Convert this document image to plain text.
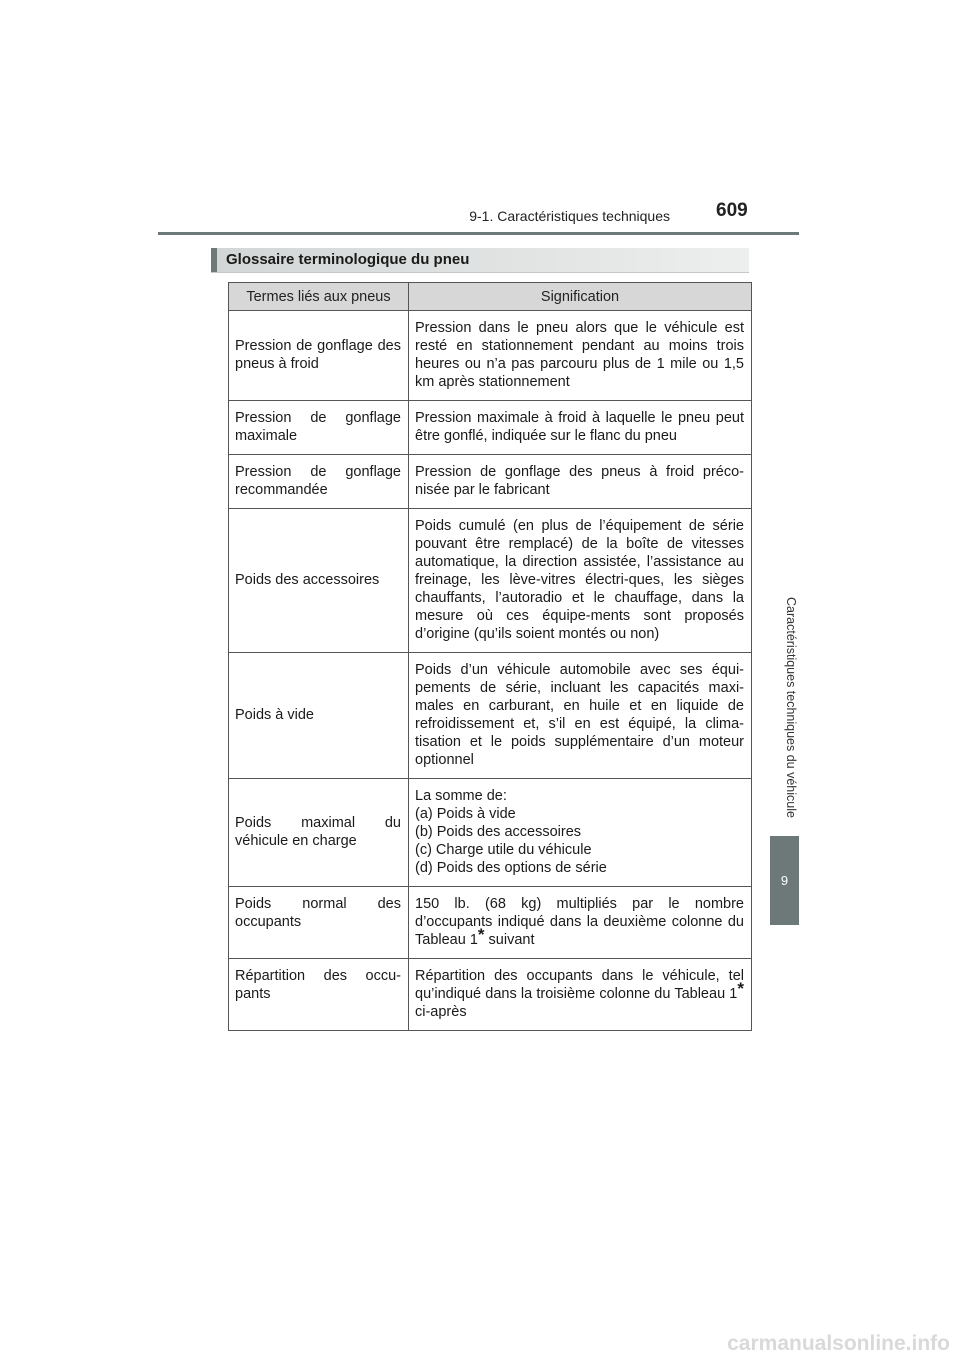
9-1. Caractéristiques techniques 609
Glossaire terminologique du pneu
Caractéristiques techniques du véhicule
9
Termes liés aux pneus	Signification
Pression de gonflage des pneus à froid	Pression dans le pneu alors que le véhicule est resté en stationnement pendant au moins trois heures ou n’a pas parcouru plus de 1 mile ou 1,5 km après stationnement
Pression de gonflage maximale	Pression maximale à froid à laquelle le pneu peut être gonflé, indiquée sur le flanc du pneu
Pression de gonflage recommandée	Pression de gonflage des pneus à froid préco-nisée par le fabricant
Poids des accessoires	Poids cumulé (en plus de l’équipement de série pouvant être remplacé) de la boîte de vitesses automatique, la direction assistée, l’assistance au freinage, les lève-vitres électri-ques, les sièges chauffants, l’autoradio et le chauffage, dans la mesure où ces équipe-ments sont proposés d’origine (qu’ils soient montés ou non)
Poids à vide	Poids d’un véhicule automobile avec ses équi-pements de série, incluant les capacités maxi-males en carburant, en huile et en liquide de refroidissement et, s’il en est équipé, la clima-tisation et le poids supplémentaire d’un moteur optionnel
Poids maximal du véhicule en charge	La somme de:
(a) Poids à vide
(b) Poids des accessoires
(c) Charge utile du véhicule
(d) Poids des options de série

Poids normal des occupants	150 lb. (68 kg) multipliés par le nombre d’occupants indiqué dans la deuxième colonne du Tableau 1* suivant
Répartition des occu-pants	Répartition des occupants dans le véhicule, tel qu’indiqué dans la troisième colonne du Tableau 1* ci-après
carmanualsonline.info
